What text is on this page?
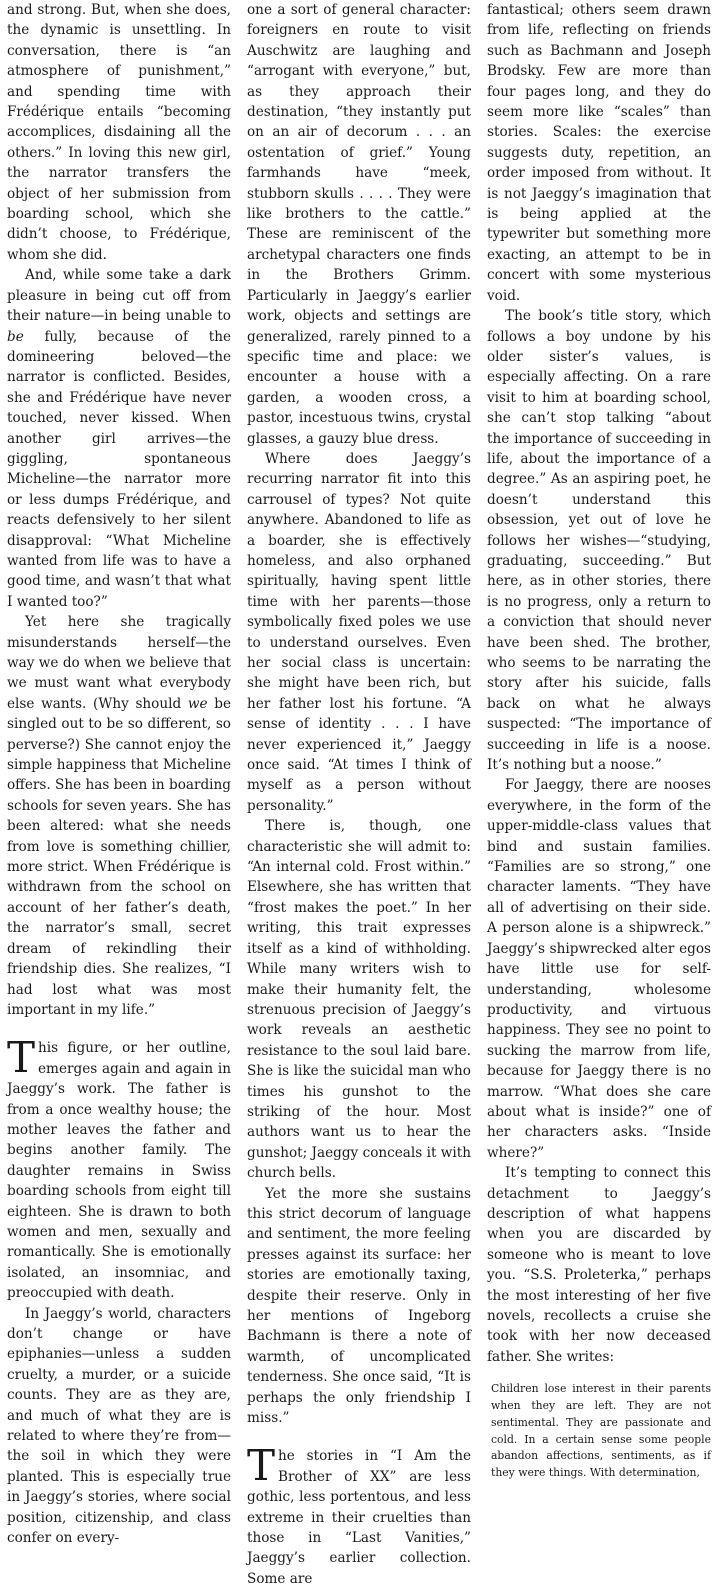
and strong. But, when she does, the dynamic is unsettling. In conversation, there is “an atmosphere of punishment,” and spending time with Frédérique entails “becoming accomplices, disdaining all the others.” In loving this new girl, the narrator transfers the object of her submission from boarding school, which she didn’t choose, to Frédérique, whom she did.

And, while some take a dark pleasure in being cut off from their nature—in being unable to be fully, because of the domineering beloved—the narrator is conflicted. Besides, she and Frédérique have never touched, never kissed. When another girl arrives—the giggling, spontaneous Micheline—the narrator more or less dumps Frédérique, and reacts defensively to her silent disapproval: “What Micheline wanted from life was to have a good time, and wasn’t that what I wanted too?”

Yet here she tragically misunderstands herself—the way we do when we believe that we must want what everybody else wants. (Why should we be singled out to be so different, so perverse?) She cannot enjoy the simple happiness that Micheline offers. She has been in boarding schools for seven years. She has been altered: what she needs from love is something chillier, more strict. When Frédérique is withdrawn from the school on account of her father’s death, the narrator’s small, secret dream of rekindling their friendship dies. She realizes, “I had lost what was most important in my life.”

This figure, or her outline, emerges again and again in Jaeggy’s work. The father is from a once wealthy house; the mother leaves the father and begins another family. The daughter remains in Swiss boarding schools from eight till eighteen. She is drawn to both women and men, sexually and romantically. She is emotionally isolated, an insomniac, and preoccupied with death.

In Jaeggy’s world, characters don’t change or have epiphanies—unless a sudden cruelty, a murder, or a suicide counts. They are as they are, and much of what they are is related to where they’re from—the soil in which they were planted. This is especially true in Jaeggy’s stories, where social position, citizenship, and class confer on every-

one a sort of general character: foreigners en route to visit Auschwitz are laughing and “arrogant with everyone,” but, as they approach their destination, “they instantly put on an air of decorum . . . an ostentation of grief.” Young farmhands have “meek, stubborn skulls . . . . They were like brothers to the cattle.” These are reminiscent of the archetypal characters one finds in the Brothers Grimm. Particularly in Jaeggy’s earlier work, objects and settings are generalized, rarely pinned to a specific time and place: we encounter a house with a garden, a wooden cross, a pastor, incestuous twins, crystal glasses, a gauzy blue dress.

Where does Jaeggy’s recurring narrator fit into this carrousel of types? Not quite anywhere. Abandoned to life as a boarder, she is effectively homeless, and also orphaned spiritually, having spent little time with her parents—those symbolically fixed poles we use to understand ourselves. Even her social class is uncertain: she might have been rich, but her father lost his fortune. “A sense of identity . . . I have never experienced it,” Jaeggy once said. “At times I think of myself as a person without personality.”

There is, though, one characteristic she will admit to: “An internal cold. Frost within.” Elsewhere, she has written that “frost makes the poet.” In her writing, this trait expresses itself as a kind of withholding. While many writers wish to make their humanity felt, the strenuous precision of Jaeggy’s work reveals an aesthetic resistance to the soul laid bare. She is like the suicidal man who times his gunshot to the striking of the hour. Most authors want us to hear the gunshot; Jaeggy conceals it with church bells.

Yet the more she sustains this strict decorum of language and sentiment, the more feeling presses against its surface: her stories are emotionally taxing, despite their reserve. Only in her mentions of Ingeborg Bachmann is there a note of warmth, of uncomplicated tenderness. She once said, “It is perhaps the only friendship I miss.”

The stories in “I Am the Brother of XX” are less gothic, less portentous, and less extreme in their cruelties than those in “Last Vanities,” Jaeggy’s earlier collection. Some are

fantastical; others seem drawn from life, reflecting on friends such as Bachmann and Joseph Brodsky. Few are more than four pages long, and they do seem more like “scales” than stories. Scales: the exercise suggests duty, repetition, an order imposed from without. It is not Jaeggy’s imagination that is being applied at the typewriter but something more exacting, an attempt to be in concert with some mysterious void.

The book’s title story, which follows a boy undone by his older sister’s values, is especially affecting. On a rare visit to him at boarding school, she can’t stop talking “about the importance of succeeding in life, about the importance of a degree.” As an aspiring poet, he doesn’t understand this obsession, yet out of love he follows her wishes—“studying, graduating, succeeding.” But here, as in other stories, there is no progress, only a return to a conviction that should never have been shed. The brother, who seems to be narrating the story after his suicide, falls back on what he always suspected: “The importance of succeeding in life is a noose. It’s nothing but a noose.”

For Jaeggy, there are nooses everywhere, in the form of the upper-middle-class values that bind and sustain families. “Families are so strong,” one character laments. “They have all of advertising on their side. A person alone is a shipwreck.” Jaeggy’s shipwrecked alter egos have little use for self-understanding, wholesome productivity, and virtuous happiness. They see no point to sucking the marrow from life, because for Jaeggy there is no marrow. “What does she care about what is inside?” one of her characters asks. “Inside where?”

It’s tempting to connect this detachment to Jaeggy’s description of what happens when you are discarded by someone who is meant to love you. “S.S. Proleterka,” perhaps the most interesting of her five novels, recollects a cruise she took with her now deceased father. She writes:

Children lose interest in their parents when they are left. They are not sentimental. They are passionate and cold. In a certain sense some people abandon affections, sentiments, as if they were things. With determination,
